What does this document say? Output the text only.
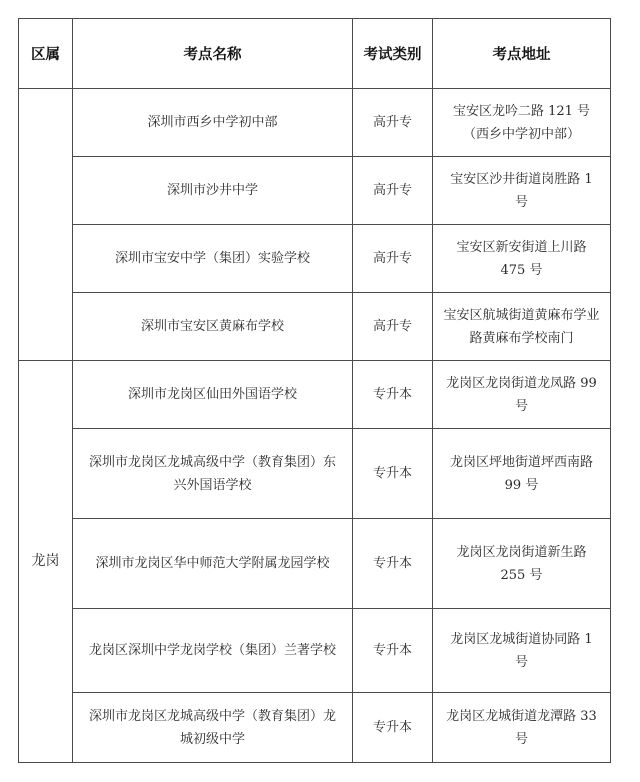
区属	考点名称	考试类别	考点地址
	深圳市西乡中学初中部	高升专	宝安区龙吟二路 121 号（西乡中学初中部）
	深圳市沙井中学	高升专	宝安区沙井街道岗胜路 1 号
	深圳市宝安中学（集团）实验学校	高升专	宝安区新安街道上川路 475 号
	深圳市宝安区黄麻布学校	高升专	宝安区航城街道黄麻布学业路黄麻布学校南门
龙岗	深圳市龙岗区仙田外国语学校	专升本	龙岗区龙岗街道龙凤路 99 号
	深圳市龙岗区龙城高级中学（教育集团）东兴外国语学校	专升本	龙岗区坪地街道坪西南路 99 号
	深圳市龙岗区华中师范大学附属龙园学校	专升本	龙岗区龙岗街道新生路 255 号
	龙岗区深圳中学龙岗学校（集团）兰著学校	专升本	龙岗区龙城街道协同路 1 号
	深圳市龙岗区龙城高级中学（教育集团）龙城初级中学	专升本	龙岗区龙城街道龙潭路 33 号
